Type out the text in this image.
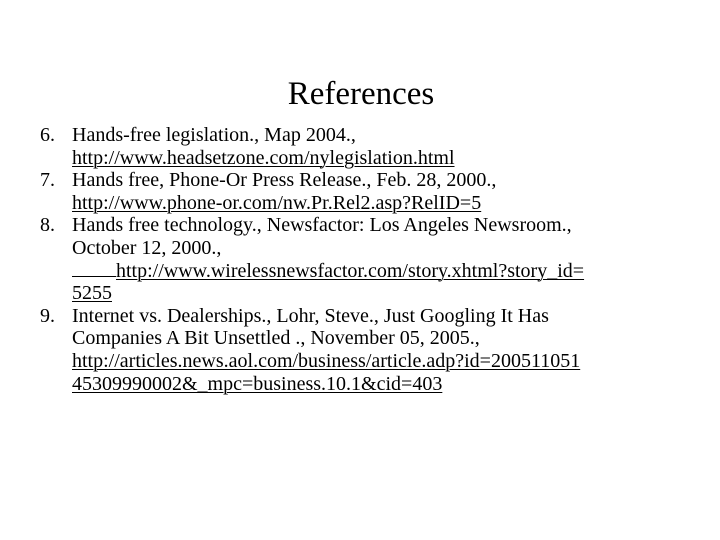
References
6. Hands-free legislation., Map 2004.,
http://www.headsetzone.com/nylegislation.html
7. Hands free, Phone-Or Press Release., Feb. 28, 2000.,
http://www.phone-or.com/nw.Pr.Rel2.asp?RelID=5
8. Hands free technology., Newsfactor: Los Angeles Newsroom.,
October 12, 2000.,
http://www.wirelessnewsfactor.com/story.xhtml?story_id=
5255
9. Internet vs. Dealerships., Lohr, Steve., Just Googling It Has
Companies A Bit Unsettled ., November 05, 2005.,
http://articles.news.aol.com/business/article.adp?id=200511051
45309990002&_mpc=business.10.1&cid=403
